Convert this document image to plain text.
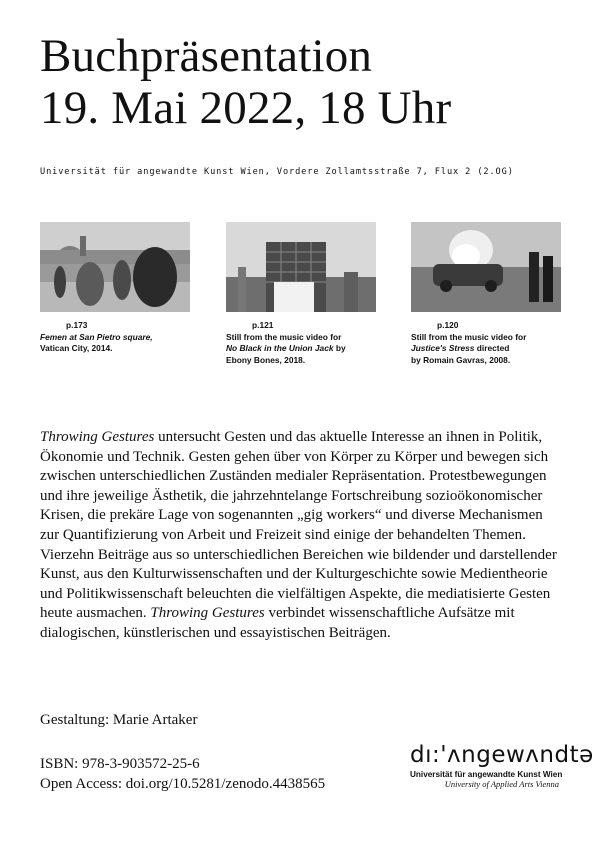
Buchpräsentation
19. Mai 2022, 18 Uhr
Universität für angewandte Kunst Wien, Vordere Zollamtsstraße 7, Flux 2 (2.OG)
p.173
Femen at San Pietro square,
Vatican City, 2014.
p.121
Still from the music video for
No Black in the Union Jack by
Ebony Bones, 2018.
p.120
Still from the music video for
Justice's Stress directed
by Romain Gavras, 2008.

Throwing Gestures untersucht Gesten und das aktuelle Interesse an ihnen in Politik, Ökonomie und Technik. Gesten gehen über von Körper zu Körper und bewegen sich zwischen unterschiedlichen Zuständen medialer Repräsentation. Protestbewegungen und ihre jeweilige Ästhetik, die jahrzehntelange Fortschreibung sozioökonomischer Krisen, die prekäre Lage von sogenannten „gig workers“ und diverse Mechanismen zur Quantifizierung von Arbeit und Freizeit sind einige der behandelten Themen. Vierzehn Beiträge aus so unterschiedlichen Bereichen wie bildender und darstellender Kunst, aus den Kulturwissenschaften und der Kulturgeschichte sowie Medientheorie und Politikwissenschaft beleuchten die vielfältigen Aspekte, die mediatisierte Gesten heute ausmachen. Throwing Gestures verbindet wissenschaftliche Aufsätze mit dialogischen, künstlerischen und essayistischen Beiträgen.

Gestaltung: Marie Artaker
ISBN: 978-3-903572-25-6
Open Access: doi.org/10.5281/zenodo.4438565
dı:'ʌngewʌndtə
Universität für angewandte Kunst Wien
University of Applied Arts Vienna
